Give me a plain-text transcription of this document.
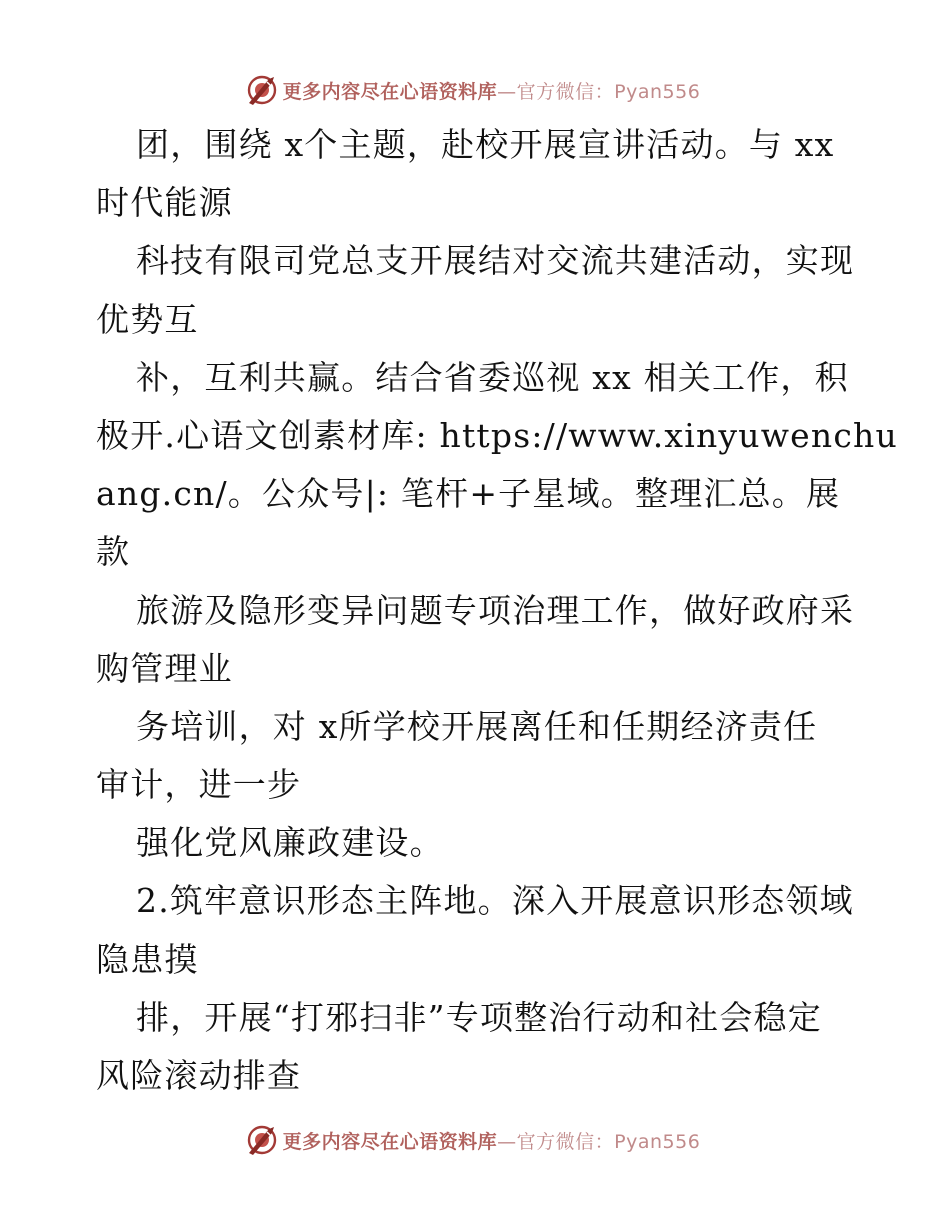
更多内容尽在心语资料库—官方微信：Pyan556
团，围绕 x个主题，赴校开展宣讲活动。与 xx
时代能源
科技有限司党总支开展结对交流共建活动，实现
优势互
补，互利共赢。结合省委巡视 xx 相关工作，积
极开.心语文创素材库: https://www.xinyuwenchu
ang.cn/。公众号|: 笔杆+子星域。整理汇总。展
款
旅游及隐形变异问题专项治理工作，做好政府采
购管理业
务培训，对 x所学校开展离任和任期经济责任
审计，进一步
强化党风廉政建设。
2.筑牢意识形态主阵地。深入开展意识形态领域
隐患摸
排，开展“打邪扫非”专项整治行动和社会稳定
风险滚动排查
更多内容尽在心语资料库—官方微信：Pyan556
